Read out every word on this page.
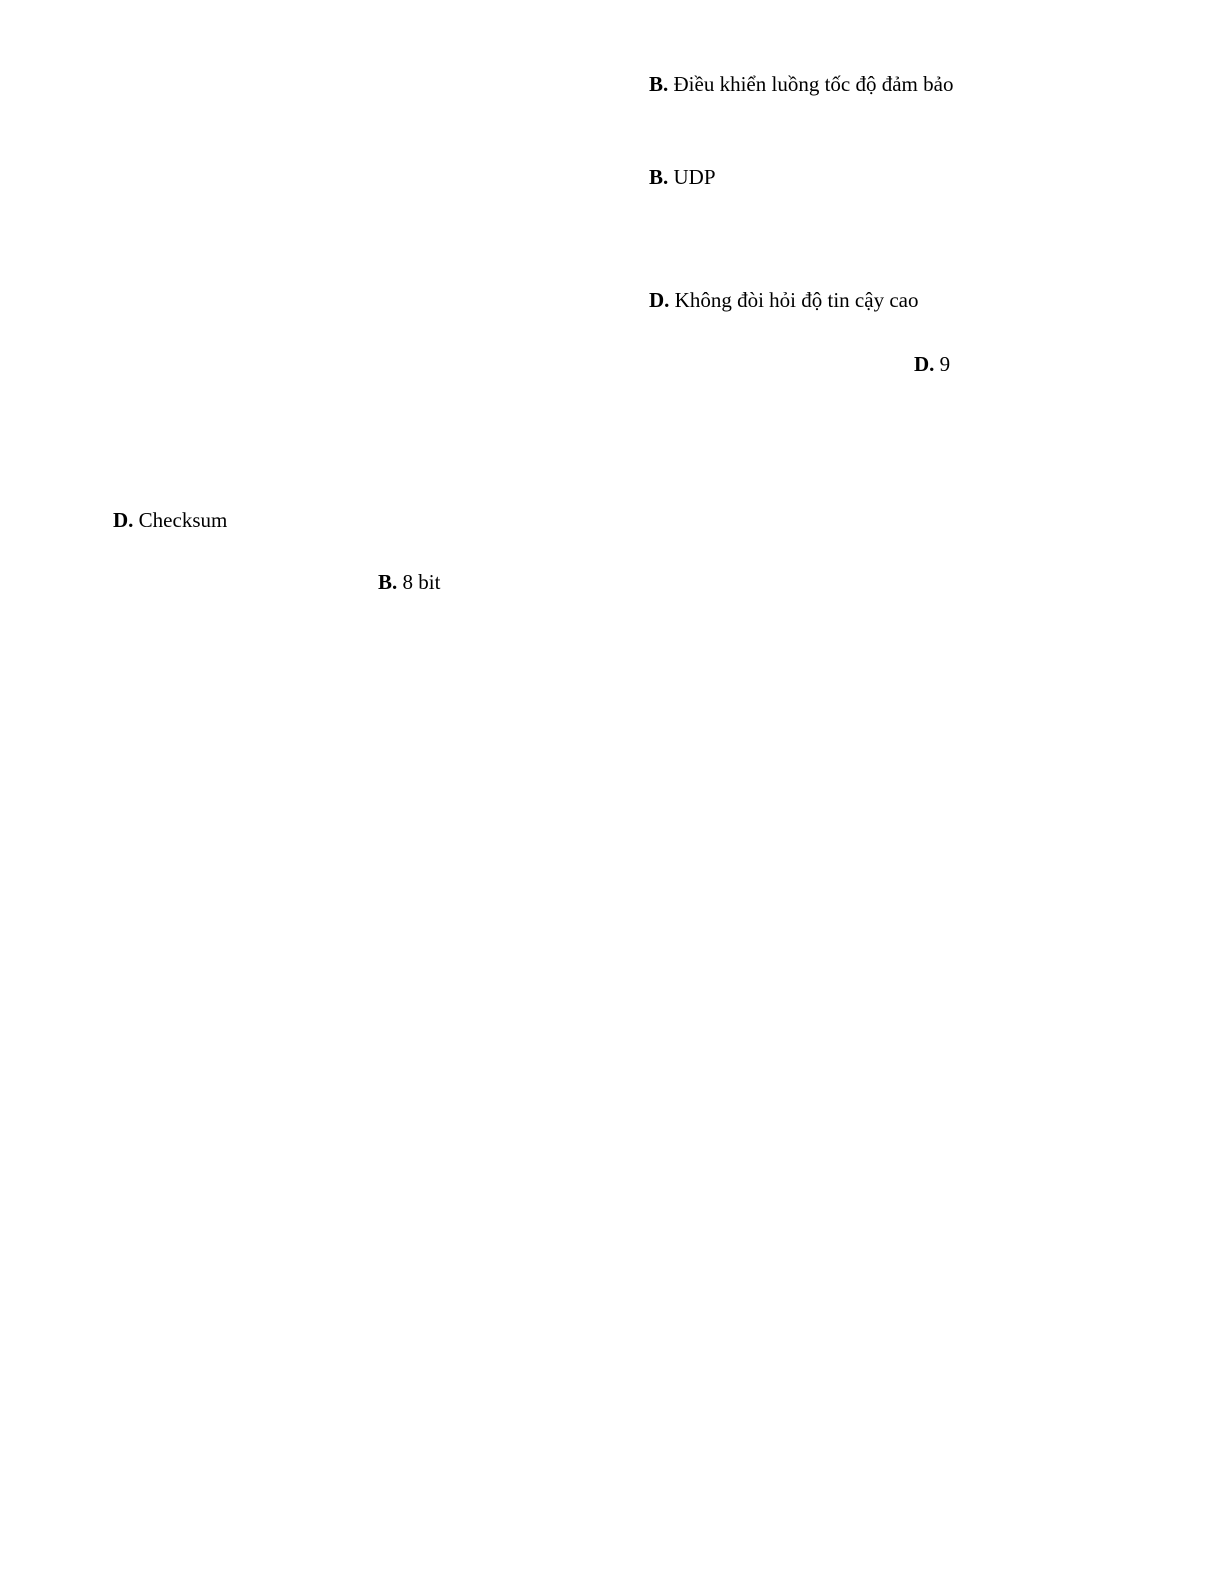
B. Điều khiển luồng tốc độ đảm bảo
B. UDP
D. Không đòi hỏi độ tin cậy cao
D. 9
D. Checksum
B. 8 bit
